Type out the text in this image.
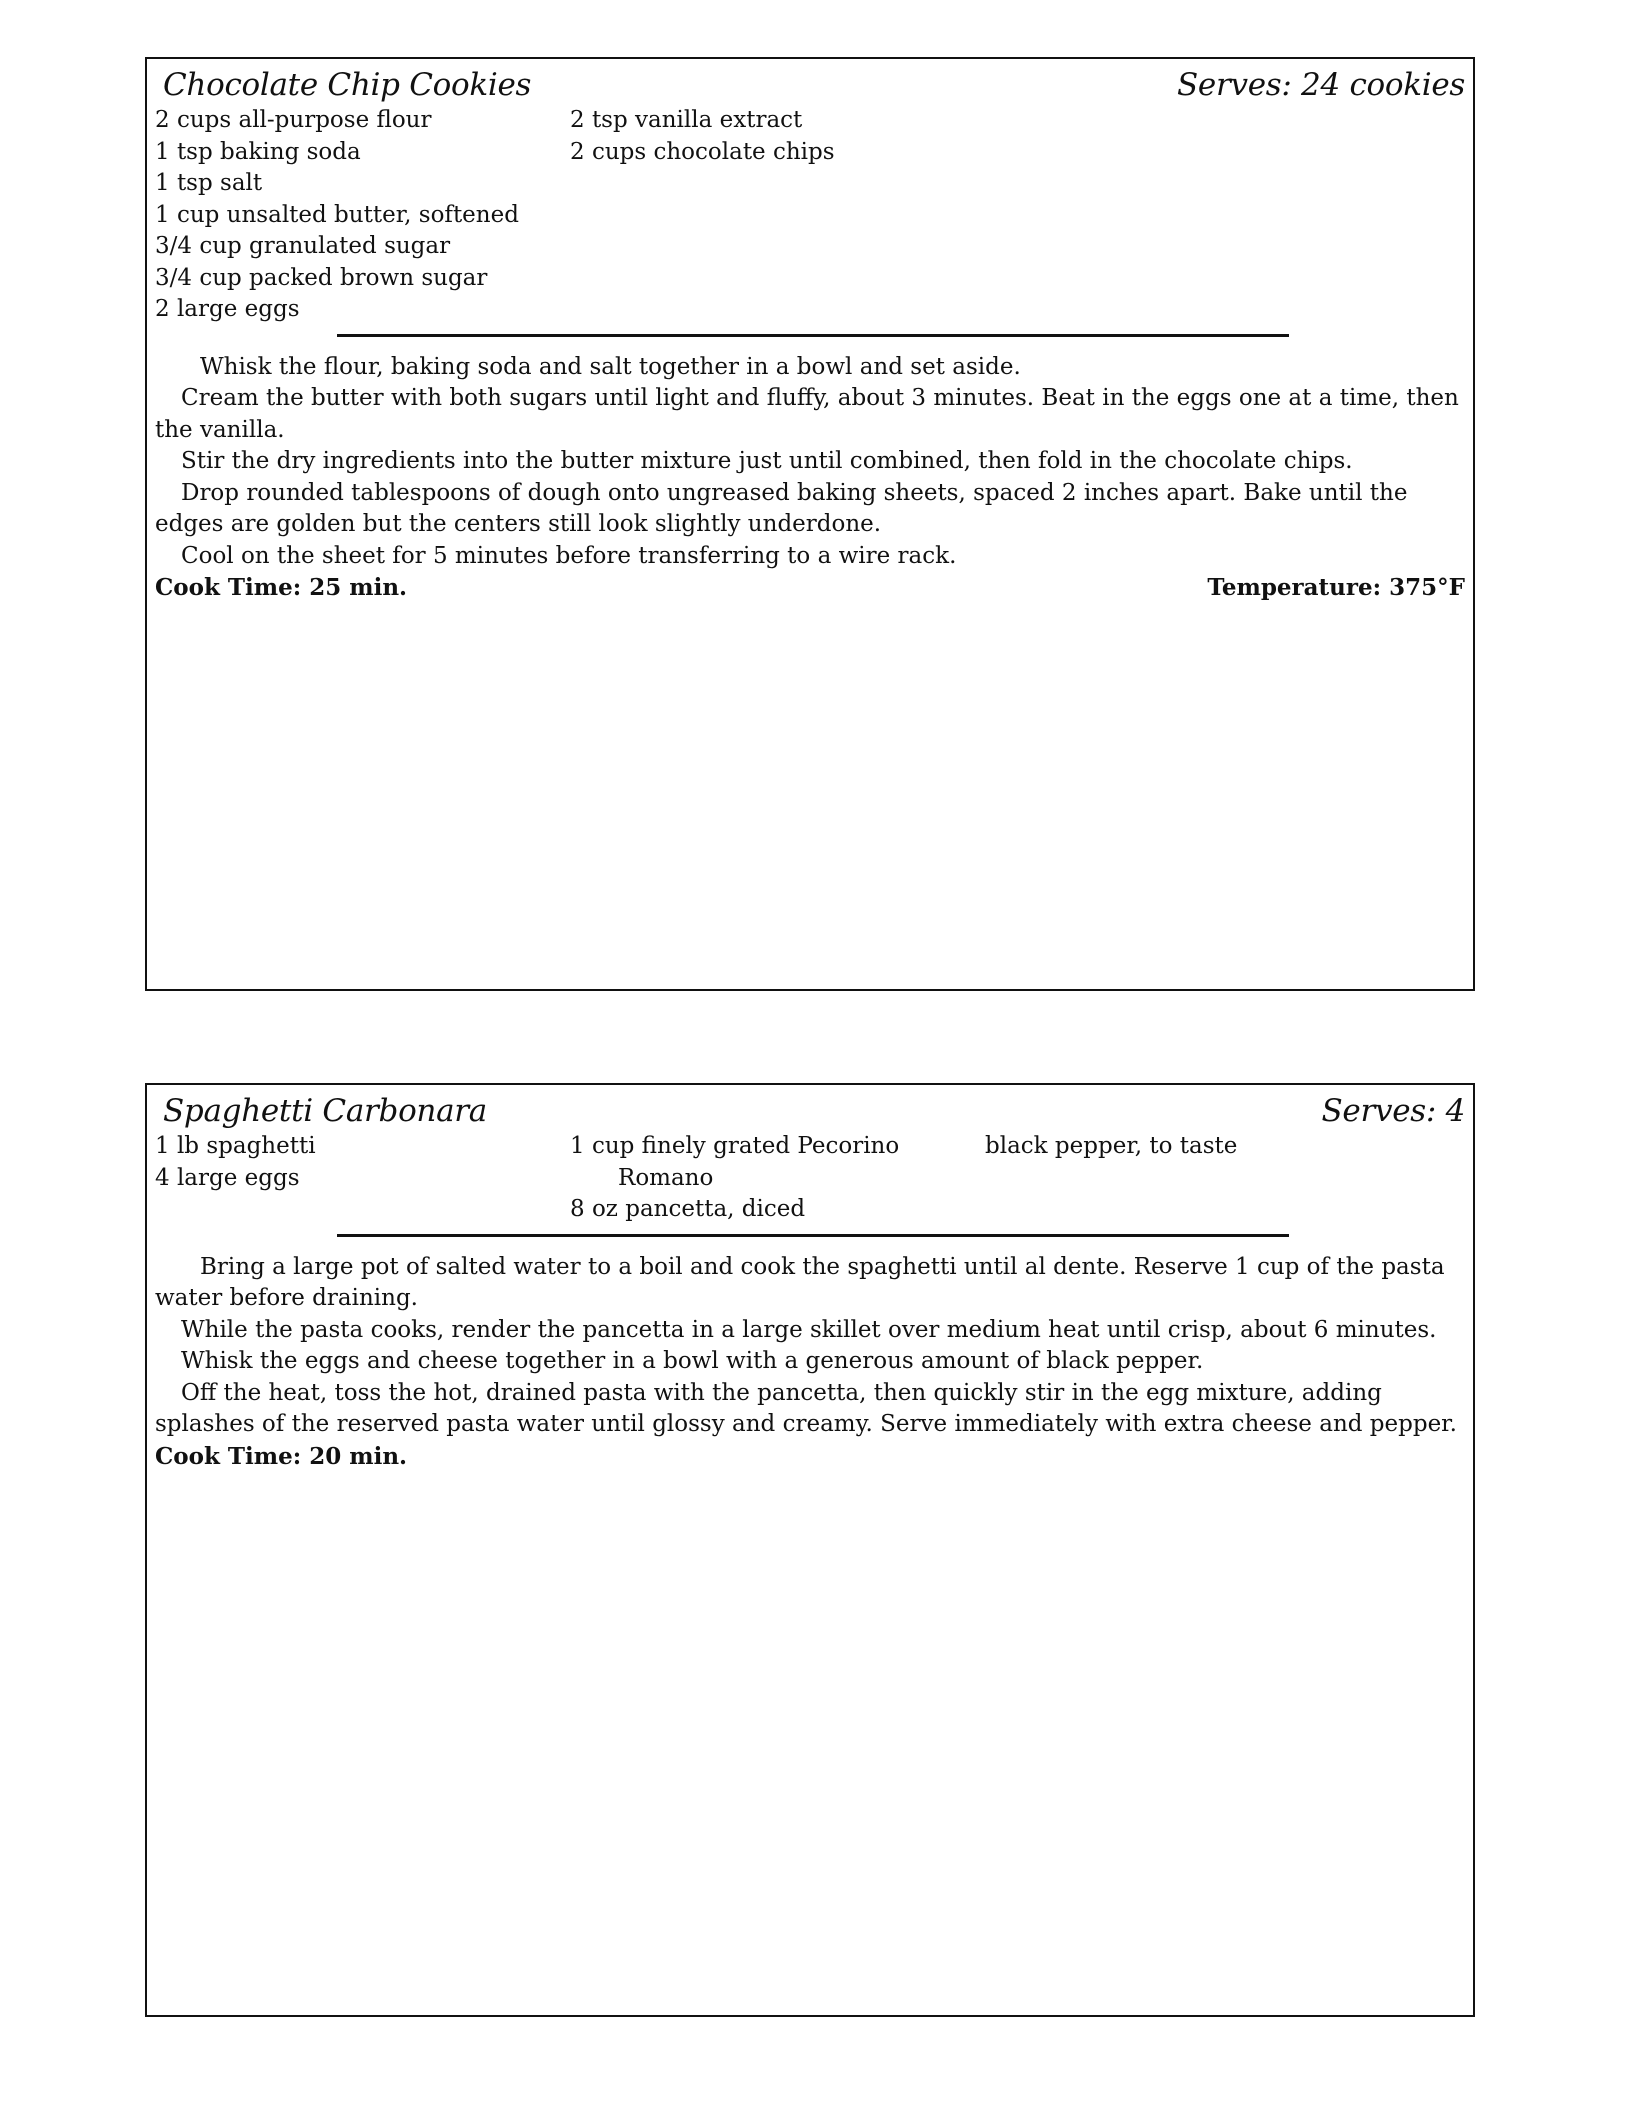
Chocolate Chip Cookies	Serves: 24 cookies
2 cups all-purpose flour
1 tsp baking soda
1 tsp salt
1 cup unsalted butter, softened
3/4 cup granulated sugar
3/4 cup packed brown sugar
2 large eggs
2 tsp vanilla extract
2 cups chocolate chips

Whisk the flour, baking soda and salt together in a bowl and set aside.

Cream the butter with both sugars until light and fluffy, about 3 minutes. Beat in the eggs one at a time, then the vanilla.

Stir the dry ingredients into the butter mixture just until combined, then fold in the chocolate chips.

Drop rounded tablespoons of dough onto ungreased baking sheets, spaced 2 inches apart. Bake until the edges are golden but the centers still look slightly underdone.

Cool on the sheet for 5 minutes before transferring to a wire rack.

Cook Time: 25 min.	Temperature: 375°F
Spaghetti Carbonara	Serves: 4
1 lb spaghetti
4 large eggs
1 cup finely grated Pecorino Romano
8 oz pancetta, diced
black pepper, to taste

Bring a large pot of salted water to a boil and cook the spaghetti until al dente. Reserve 1 cup of the pasta water before draining.

While the pasta cooks, render the pancetta in a large skillet over medium heat until crisp, about 6 minutes.

Whisk the eggs and cheese together in a bowl with a generous amount of black pepper.

Off the heat, toss the hot, drained pasta with the pancetta, then quickly stir in the egg mixture, adding splashes of the reserved pasta water until glossy and creamy. Serve immediately with extra cheese and pepper.

Cook Time: 20 min.
